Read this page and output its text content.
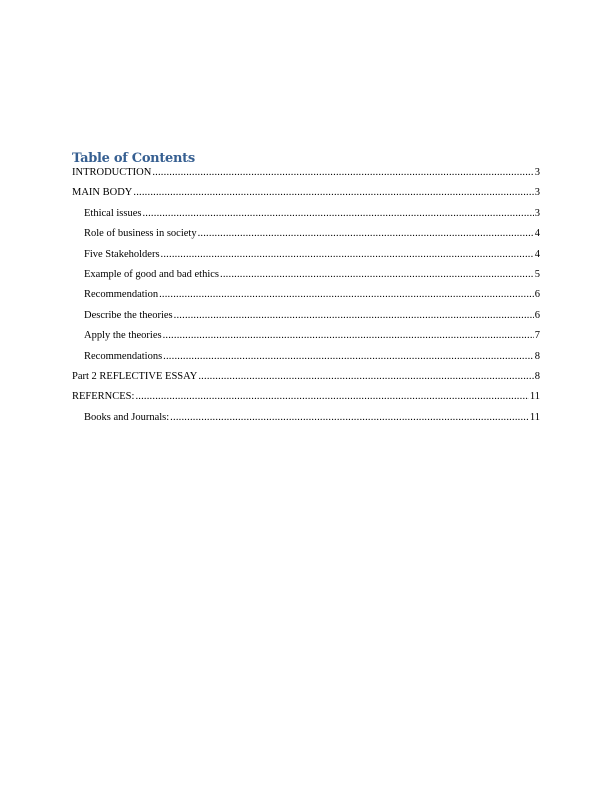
Table of Contents
INTRODUCTION .....	3
MAIN BODY .....	3
Ethical issues .....	3
Role of business in society .....	4
Five Stakeholders .....	4
Example of good and bad ethics .....	5
Recommendation .....	6
Describe the theories .....	6
Apply the theories .....	7
Recommendations .....	8
Part 2 REFLECTIVE ESSAY .....	8
REFERNCES: .....	11
Books and Journals: .....	11
